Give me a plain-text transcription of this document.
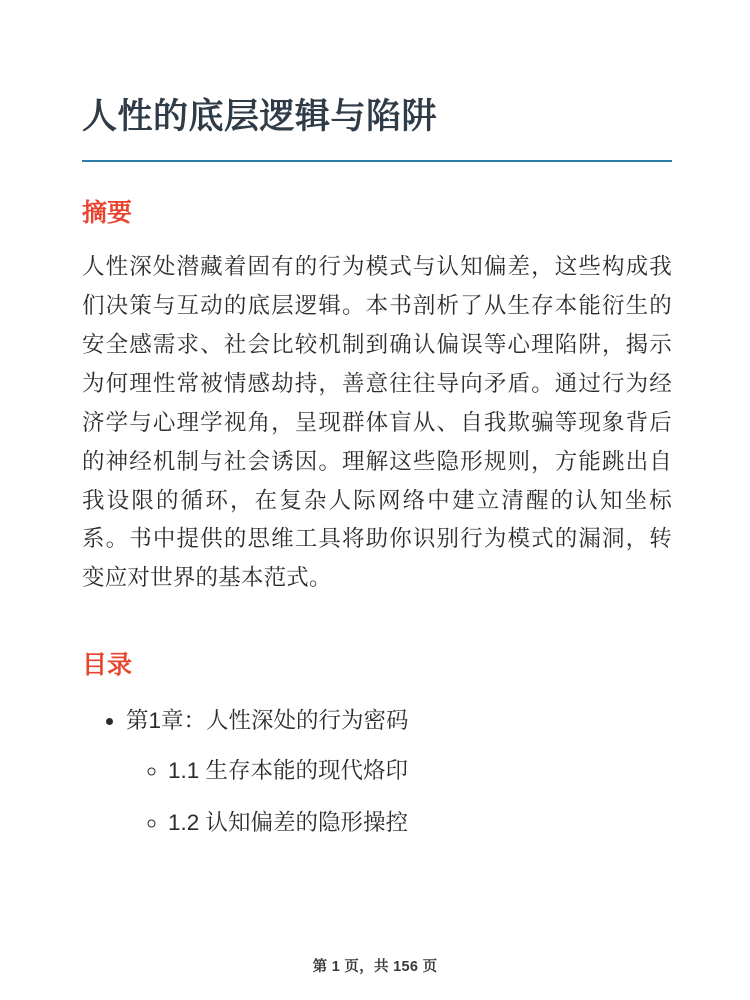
人性的底层逻辑与陷阱
摘要

人性深处潜藏着固有的行为模式与认知偏差，这些构成我们决策与互动的底层逻辑。本书剖析了从生存本能衍生的安全感需求、社会比较机制到确认偏误等心理陷阱，揭示为何理性常被情感劫持，善意往往导向矛盾。通过行为经济学与心理学视角，呈现群体盲从、自我欺骗等现象背后的神经机制与社会诱因。理解这些隐形规则，方能跳出自我设限的循环，在复杂人际网络中建立清醒的认知坐标系。书中提供的思维工具将助你识别行为模式的漏洞，转变应对世界的基本范式。

目录
• 第1章：人性深处的行为密码
◦ 1.1 生存本能的现代烙印
◦ 1.2 认知偏差的隐形操控
第 1 页，共 156 页
